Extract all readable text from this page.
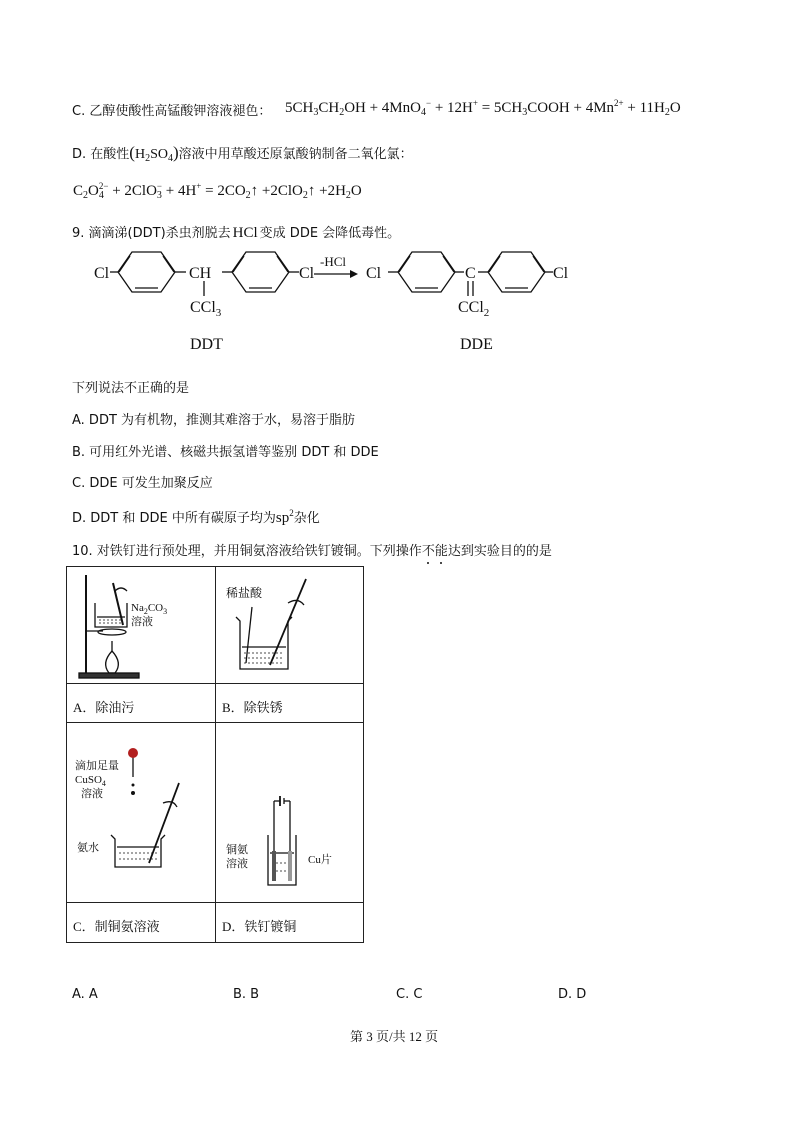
C. 乙醇使酸性高锰酸钾溶液褪色： $5CH_3CH_2OH + 4MnO_4^- + 12H^+$ = $5CH_3COOH + 4Mn^{2+} + 11H_2O$
D. 在酸性$(H_2SO_4)$溶液中用草酸还原氯酸钠制备二氧化氯：
$C_2O^{2-}$
4 + 2ClO−
$3 + 4H^+ = 2CO_2↑$ +2ClO$_2$↑ $+2H_2O$
9. 滴滴涕(DDT)杀虫剂脱去 HCl 变成 DDE 会降低毒性。
Cl	CH	Cl
CCl$_3$
DDT
-HCl
Cl	C	Cl
CCl$_2$
DDE
下列说法不正确的是
A. DDT 为有机物，推测其难溶于水，易溶于脂肪
B. 可用红外光谱、核磁共振氢谱等鉴别 DDT 和 DDE
C. DDE 可发生加聚反应
D. DDT 和 DDE 中所有碳原子均为$sp^2$杂化
10. 对铁钉进行预处理，并用铜氨溶液给铁钉镀铜。下列操作不能达到实验目的的是
$Na_2CO_3$
溶液
稀盐酸
A．除油污	B．除铁锈
滴加足量
CuSO$_4$
溶液
氨水	铜氨
溶液	Cu片
C．制铜氨溶液	D．铁钉镀铜
A. A	B. B	C. C	D. D
第 3 页/共 12 页
